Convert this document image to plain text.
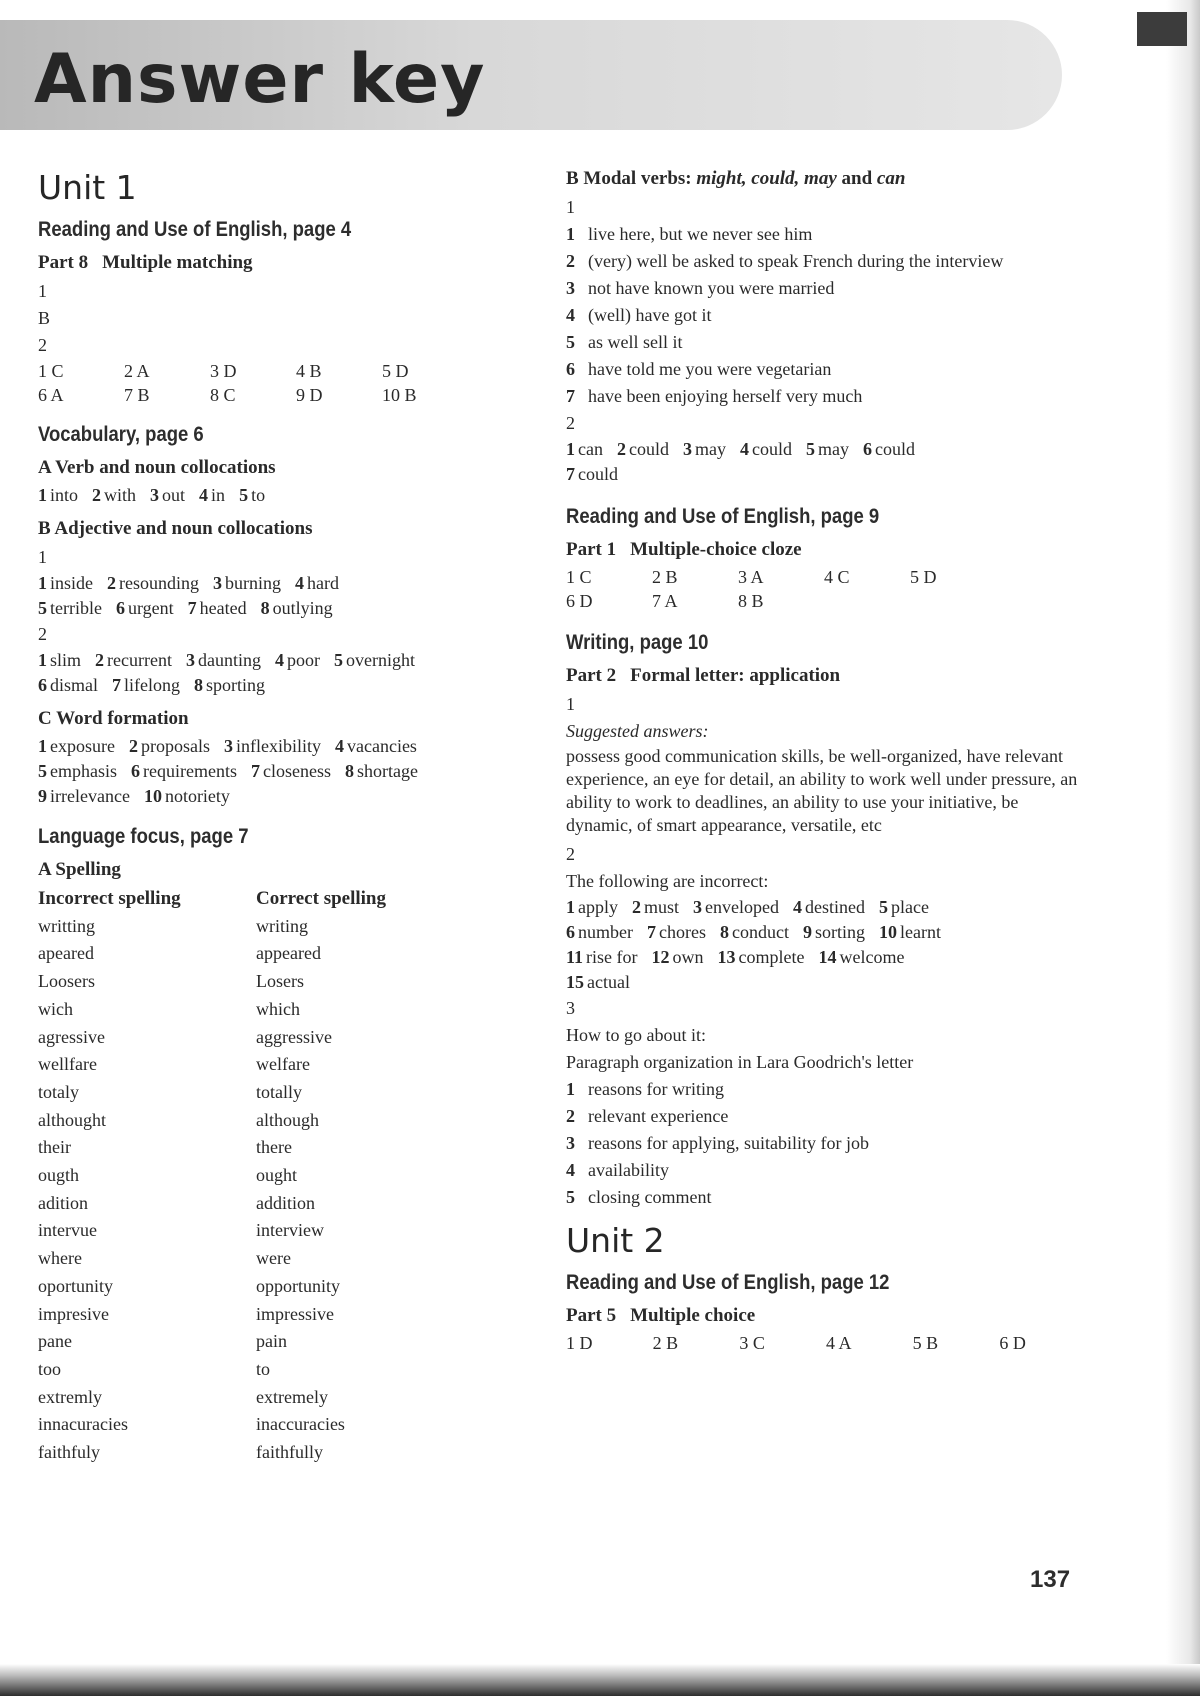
Answer key
Unit 1
Reading and Use of English, page 4
Part 8 Multiple matching
1
B
2
1 C	2 A	3 D	4 B	5 D
6 A	7 B	8 C	9 D	10 B
Vocabulary, page 6
A Verb and noun collocations
1 into 2 with 3 out 4 in 5 to
B Adjective and noun collocations
1
1 inside 2 resounding 3 burning 4 hard
5 terrible 6 urgent 7 heated 8 outlying
2
1 slim 2 recurrent 3 daunting 4 poor 5 overnight
6 dismal 7 lifelong 8 sporting
C Word formation
1 exposure 2 proposals 3 inflexibility 4 vacancies
5 emphasis 6 requirements 7 closeness 8 shortage
9 irrelevance 10 notoriety
Language focus, page 7
A Spelling
Incorrect spelling	Correct spelling
writting	writing
apeared	appeared
Loosers	Losers
wich	which
agressive	aggressive
wellfare	welfare
totaly	totally
althought	although
their	there
ougth	ought
adition	addition
intervue	interview
where	were
oportunity	opportunity
impresive	impressive
pane	pain
too	to
extremly	extremely
innacuracies	inaccuracies
faithfuly	faithfully
B Modal verbs: might, could, may and can
1
1 live here, but we never see him
2 (very) well be asked to speak French during the interview
3 not have known you were married
4 (well) have got it
5 as well sell it
6 have told me you were vegetarian
7 have been enjoying herself very much
2
1 can 2 could 3 may 4 could 5 may 6 could
7 could
Reading and Use of English, page 9
Part 1 Multiple-choice cloze
1 C	2 B	3 A	4 C	5 D
6 D	7 A	8 B
Writing, page 10
Part 2 Formal letter: application
1
Suggested answers:
possess good communication skills, be well-organized, have relevant experience, an eye for detail, an ability to work well under pressure, an ability to work to deadlines, an ability to use your initiative, be dynamic, of smart appearance, versatile, etc
2
The following are incorrect:
1 apply 2 must 3 enveloped 4 destined 5 place
6 number 7 chores 8 conduct 9 sorting 10 learnt
11 rise for 12 own 13 complete 14 welcome
15 actual
3
How to go about it:
Paragraph organization in Lara Goodrich's letter
1 reasons for writing
2 relevant experience
3 reasons for applying, suitability for job
4 availability
5 closing comment
Unit 2
Reading and Use of English, page 12
Part 5 Multiple choice
1 D	2 B	3 C	4 A	5 B	6 D
137
